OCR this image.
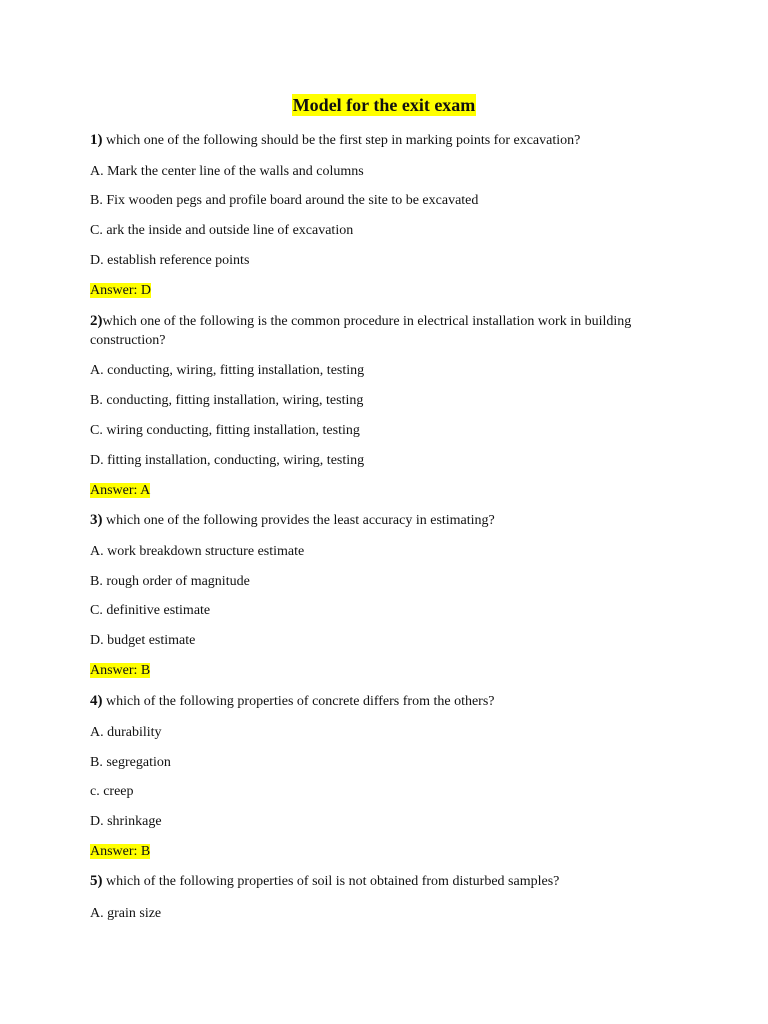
Model for the exit exam
1) which one of the following should be the first step in marking points for excavation?
A. Mark the center line of the walls and columns
B. Fix wooden pegs and profile board around the site to be excavated
C. ark the inside and outside line of excavation
D. establish reference points
Answer: D
2)which one of the following is the common procedure in electrical installation work in building construction?
A. conducting, wiring, fitting installation, testing
B. conducting, fitting installation, wiring, testing
C. wiring conducting, fitting installation, testing
D. fitting installation, conducting, wiring, testing
Answer: A
3) which one of the following provides the least accuracy in estimating?
A. work breakdown structure estimate
B. rough order of magnitude
C. definitive estimate
D. budget estimate
Answer: B
4) which of the following properties of concrete differs from the others?
A. durability
B. segregation
c. creep
D. shrinkage
Answer: B
5) which of the following properties of soil is not obtained from disturbed samples?
A. grain size
